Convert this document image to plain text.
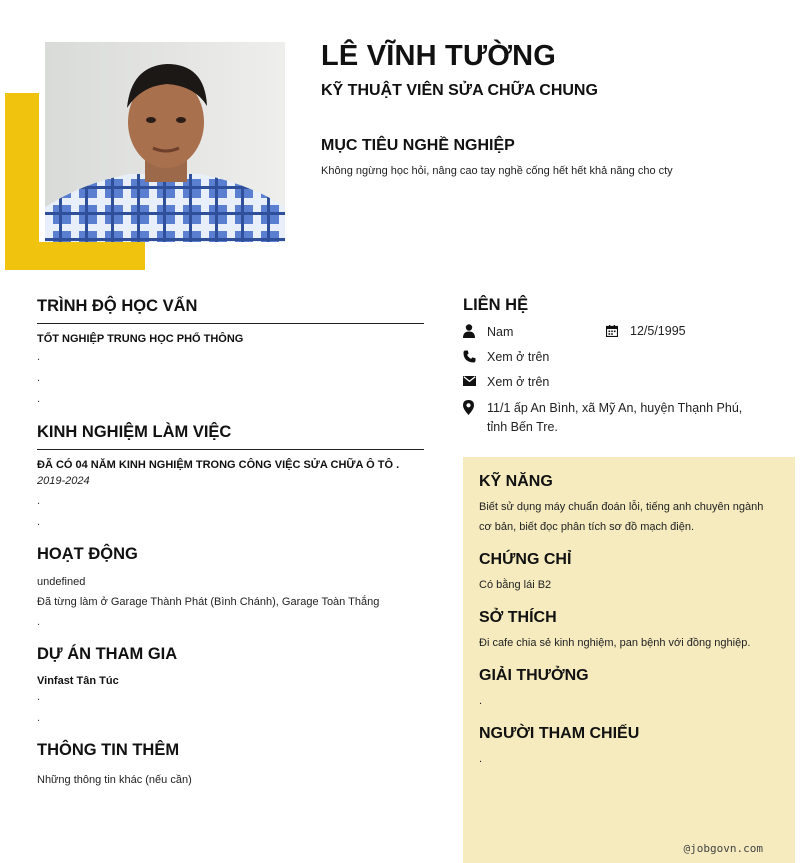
LÊ VĨNH TƯỜNG
KỸ THUẬT VIÊN SỬA CHỮA CHUNG
MỤC TIÊU NGHỀ NGHIỆP
Không ngừng học hỏi, nâng cao tay nghề cống hết hết khả năng cho cty
TRÌNH ĐỘ HỌC VẤN
TỐT NGHIỆP TRUNG HỌC PHỔ THÔNG
.
.
.
KINH NGHIỆM LÀM VIỆC
ĐÃ CÓ 04 NĂM KINH NGHIỆM TRONG CÔNG VIỆC SỬA CHỮA Ô TÔ .
2019-2024
.
.
HOẠT ĐỘNG
undefined
Đã từng làm ở Garage Thành Phát (Bình Chánh), Garage Toàn Thắng
.
DỰ ÁN THAM GIA
Vinfast Tân Túc
.
.
THÔNG TIN THÊM
Những thông tin khác (nếu cần)
LIÊN HỆ
Nam	12/5/1995
Xem ở trên
Xem ở trên
11/1 ấp An Bình, xã Mỹ An, huyện Thạnh Phú, tỉnh Bến Tre.
KỸ NĂNG
Biết sử dụng máy chuẩn đoán lỗi, tiếng anh chuyên ngành cơ bản, biết đọc phân tích sơ đồ mạch điện.
CHỨNG CHỈ
Có bằng lái B2
SỞ THÍCH
Đi cafe chia sẻ kinh nghiệm, pan bệnh với đồng nghiệp.
GIẢI THƯỞNG
.
NGƯỜI THAM CHIẾU
.
@jobgovn.com
